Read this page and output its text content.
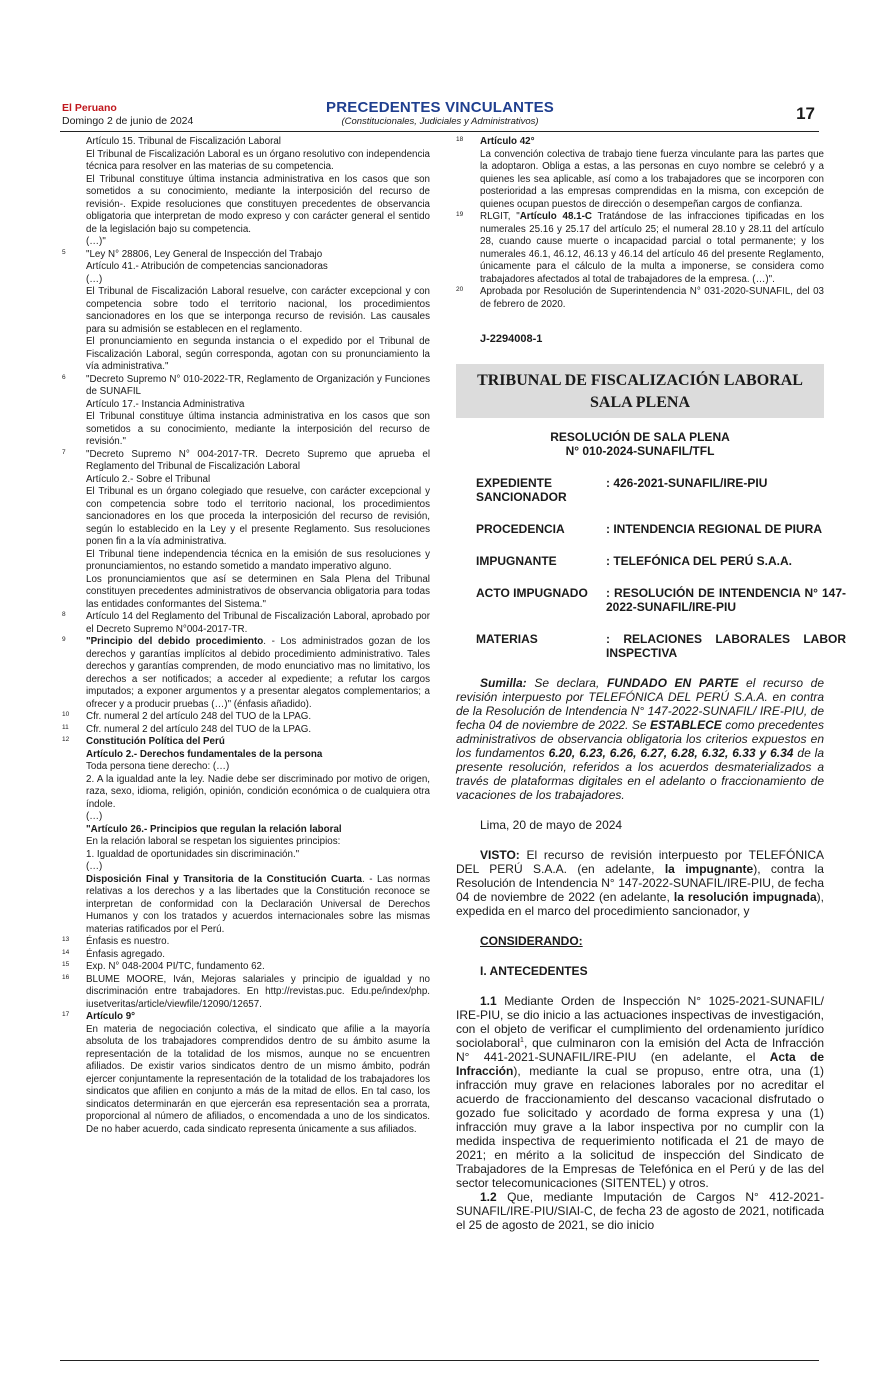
El Peruano
Domingo 2 de junio de 2024
PRECEDENTES VINCULANTES
(Constitucionales, Judiciales y Administrativos)	17

Artículo 15. Tribunal de Fiscalización Laboral

El Tribunal de Fiscalización Laboral es un órgano resolutivo con independencia técnica para resolver en las materias de su competencia.

El Tribunal constituye última instancia administrativa en los casos que son sometidos a su conocimiento, mediante la interposición del recurso de revisión-. Expide resoluciones que constituyen precedentes de observancia obligatoria que interpretan de modo expreso y con carácter general el sentido de la legislación bajo su competencia.

(…)"

5 "Ley N° 28806, Ley General de Inspección del Trabajo

Artículo 41.- Atribución de competencias sancionadoras

(…)

El Tribunal de Fiscalización Laboral resuelve, con carácter excepcional y con competencia sobre todo el territorio nacional, los procedimientos sancionadores en los que se interponga recurso de revisión. Las causales para su admisión se establecen en el reglamento.

El pronunciamiento en segunda instancia o el expedido por el Tribunal de Fiscalización Laboral, según corresponda, agotan con su pronunciamiento la vía administrativa."

6 "Decreto Supremo N° 010-2022-TR, Reglamento de Organización y Funciones de SUNAFIL

Artículo 17.- Instancia Administrativa

El Tribunal constituye última instancia administrativa en los casos que son sometidos a su conocimiento, mediante la interposición del recurso de revisión."

7 "Decreto Supremo N° 004-2017-TR. Decreto Supremo que aprueba el Reglamento del Tribunal de Fiscalización Laboral

Artículo 2.- Sobre el Tribunal

El Tribunal es un órgano colegiado que resuelve, con carácter excepcional y con competencia sobre todo el territorio nacional, los procedimientos sancionadores en los que proceda la interposición del recurso de revisión, según lo establecido en la Ley y el presente Reglamento. Sus resoluciones ponen fin a la vía administrativa.

El Tribunal tiene independencia técnica en la emisión de sus resoluciones y pronunciamientos, no estando sometido a mandato imperativo alguno.

Los pronunciamientos que así se determinen en Sala Plena del Tribunal constituyen precedentes administrativos de observancia obligatoria para todas las entidades conformantes del Sistema."

8 Artículo 14 del Reglamento del Tribunal de Fiscalización Laboral, aprobado por el Decreto Supremo N°004-2017-TR.

9 "Principio del debido procedimiento. - Los administrados gozan de los derechos y garantías implícitos al debido procedimiento administrativo. Tales derechos y garantías comprenden, de modo enunciativo mas no limitativo, los derechos a ser notificados; a acceder al expediente; a refutar los cargos imputados; a exponer argumentos y a presentar alegatos complementarios; a ofrecer y a producir pruebas (…)" (énfasis añadido).

10 Cfr. numeral 2 del artículo 248 del TUO de la LPAG.

11 Cfr. numeral 2 del artículo 248 del TUO de la LPAG.

12 Constitución Política del Perú

Artículo 2.- Derechos fundamentales de la persona

Toda persona tiene derecho: (…)

2. A la igualdad ante la ley. Nadie debe ser discriminado por motivo de origen, raza, sexo, idioma, religión, opinión, condición económica o de cualquiera otra índole.

(…)

"Artículo 26.- Principios que regulan la relación laboral

En la relación laboral se respetan los siguientes principios:

1. Igualdad de oportunidades sin discriminación."

(…)

Disposición Final y Transitoria de la Constitución Cuarta. - Las normas relativas a los derechos y a las libertades que la Constitución reconoce se interpretan de conformidad con la Declaración Universal de Derechos Humanos y con los tratados y acuerdos internacionales sobre las mismas materias ratificados por el Perú.

13 Énfasis es nuestro.

14 Énfasis agregado.

15 Exp. N° 048-2004 PI/TC, fundamento 62.

16 BLUME MOORE, Iván, Mejoras salariales y principio de igualdad y no discriminación entre trabajadores. En http://revistas.puc. Edu.pe/index/php. iusetveritas/article/viewfile/12090/12657.

17 Artículo 9°

En materia de negociación colectiva, el sindicato que afilie a la mayoría absoluta de los trabajadores comprendidos dentro de su ámbito asume la representación de la totalidad de los mismos, aunque no se encuentren afiliados. De existir varios sindicatos dentro de un mismo ámbito, podrán ejercer conjuntamente la representación de la totalidad de los trabajadores los sindicatos que afilien en conjunto a más de la mitad de ellos. En tal caso, los sindicatos determinarán en que ejercerán esa representación sea a prorrata, proporcional al número de afiliados, o encomendada a uno de los sindicatos. De no haber acuerdo, cada sindicato representa únicamente a sus afiliados.

18 Artículo 42°

La convención colectiva de trabajo tiene fuerza vinculante para las partes que la adoptaron. Obliga a estas, a las personas en cuyo nombre se celebró y a quienes les sea aplicable, así como a los trabajadores que se incorporen con posterioridad a las empresas comprendidas en la misma, con excepción de quienes ocupan puestos de dirección o desempeñan cargos de confianza.

19 RLGIT, "Artículo 48.1-C Tratándose de las infracciones tipificadas en los numerales 25.16 y 25.17 del artículo 25; el numeral 28.10 y 28.11 del artículo 28, cuando cause muerte o incapacidad parcial o total permanente; y los numerales 46.1, 46.12, 46.13 y 46.14 del artículo 46 del presente Reglamento, únicamente para el cálculo de la multa a imponerse, se considera como trabajadores afectados al total de trabajadores de la empresa. (…)".

20 Aprobada por Resolución de Superintendencia N° 031-2020-SUNAFIL, del 03 de febrero de 2020.

J-2294008-1

TRIBUNAL DE FISCALIZACIÓN LABORAL

SALA PLENA

RESOLUCIÓN DE SALA PLENA

N° 010-2024-SUNAFIL/TFL

EXPEDIENTE SANCIONADOR	: 426-2021-SUNAFIL/IRE-PIU

PROCEDENCIA	: INTENDENCIA REGIONAL DE PIURA

IMPUGNANTE	: TELEFÓNICA DEL PERÚ S.A.A.

ACTO IMPUGNADO	: RESOLUCIÓN DE INTENDENCIA N° 147-2022-SUNAFIL/IRE-PIU

MATERIAS	: RELACIONES LABORALES LABOR INSPECTIVA

Sumilla: Se declara, FUNDADO EN PARTE el recurso de revisión interpuesto por TELEFÓNICA DEL PERÚ S.A.A. en contra de la Resolución de Intendencia N° 147-2022-SUNAFIL/ IRE-PIU, de fecha 04 de noviembre de 2022. Se ESTABLECE como precedentes administrativos de observancia obligatoria los criterios expuestos en los fundamentos 6.20, 6.23, 6.26, 6.27, 6.28, 6.32, 6.33 y 6.34 de la presente resolución, referidos a los acuerdos desmaterializados a través de plataformas digitales en el adelanto o fraccionamiento de vacaciones de los trabajadores.

Lima, 20 de mayo de 2024

VISTO: El recurso de revisión interpuesto por TELEFÓNICA DEL PERÚ S.A.A. (en adelante, la impugnante), contra la Resolución de Intendencia N° 147-2022-SUNAFIL/IRE-PIU, de fecha 04 de noviembre de 2022 (en adelante, la resolución impugnada), expedida en el marco del procedimiento sancionador, y

CONSIDERANDO:

I. ANTECEDENTES

1.1 Mediante Orden de Inspección N° 1025-2021-SUNAFIL/ IRE-PIU, se dio inicio a las actuaciones inspectivas de investigación, con el objeto de verificar el cumplimiento del ordenamiento jurídico sociolaboral$^1$, que culminaron con la emisión del Acta de Infracción N° 441-2021-SUNAFIL/IRE-PIU (en adelante, el Acta de Infracción), mediante la cual se propuso, entre otra, una (1) infracción muy grave en relaciones laborales por no acreditar el acuerdo de fraccionamiento del descanso vacacional disfrutado o gozado fue solicitado y acordado de forma expresa y una (1) infracción muy grave a la labor inspectiva por no cumplir con la medida inspectiva de requerimiento notificada el 21 de mayo de 2021; en mérito a la solicitud de inspección del Sindicato de Trabajadores de la Empresas de Telefónica en el Perú y de las del sector telecomunicaciones (SITENTEL) y otros.

1.2 Que, mediante Imputación de Cargos N° 412-2021-SUNAFIL/IRE-PIU/SIAI-C, de fecha 23 de agosto de 2021, notificada el 25 de agosto de 2021, se dio inicio
